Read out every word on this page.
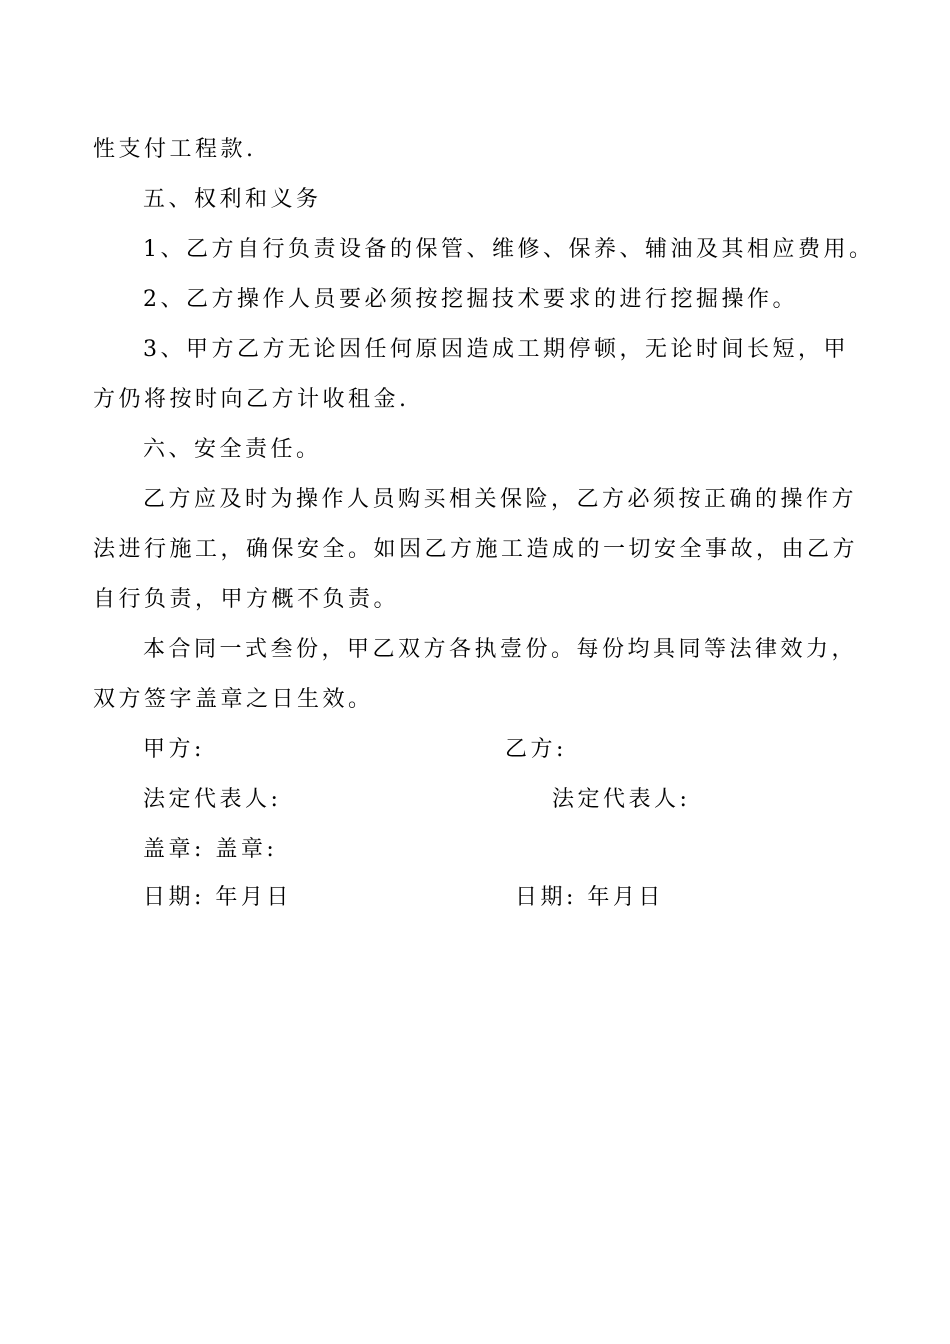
性支付工程款.
五、权利和义务
1、乙方自行负责设备的保管、维修、保养、辅油及其相应费用。
2、乙方操作人员要必须按挖掘技术要求的进行挖掘操作。
3、甲方乙方无论因任何原因造成工期停顿，无论时间长短，甲
方仍将按时向乙方计收租金.
六、安全责任。
乙方应及时为操作人员购买相关保险，乙方必须按正确的操作方
法进行施工，确保安全。如因乙方施工造成的一切安全事故，由乙方
自行负责，甲方概不负责。
本合同一式叁份，甲乙双方各执壹份。每份均具同等法律效力，
双方签字盖章之日生效。
甲方:	乙方:
法定代表人:	法定代表人:
盖章: 盖章:
日期: 年月日	日期: 年月日
